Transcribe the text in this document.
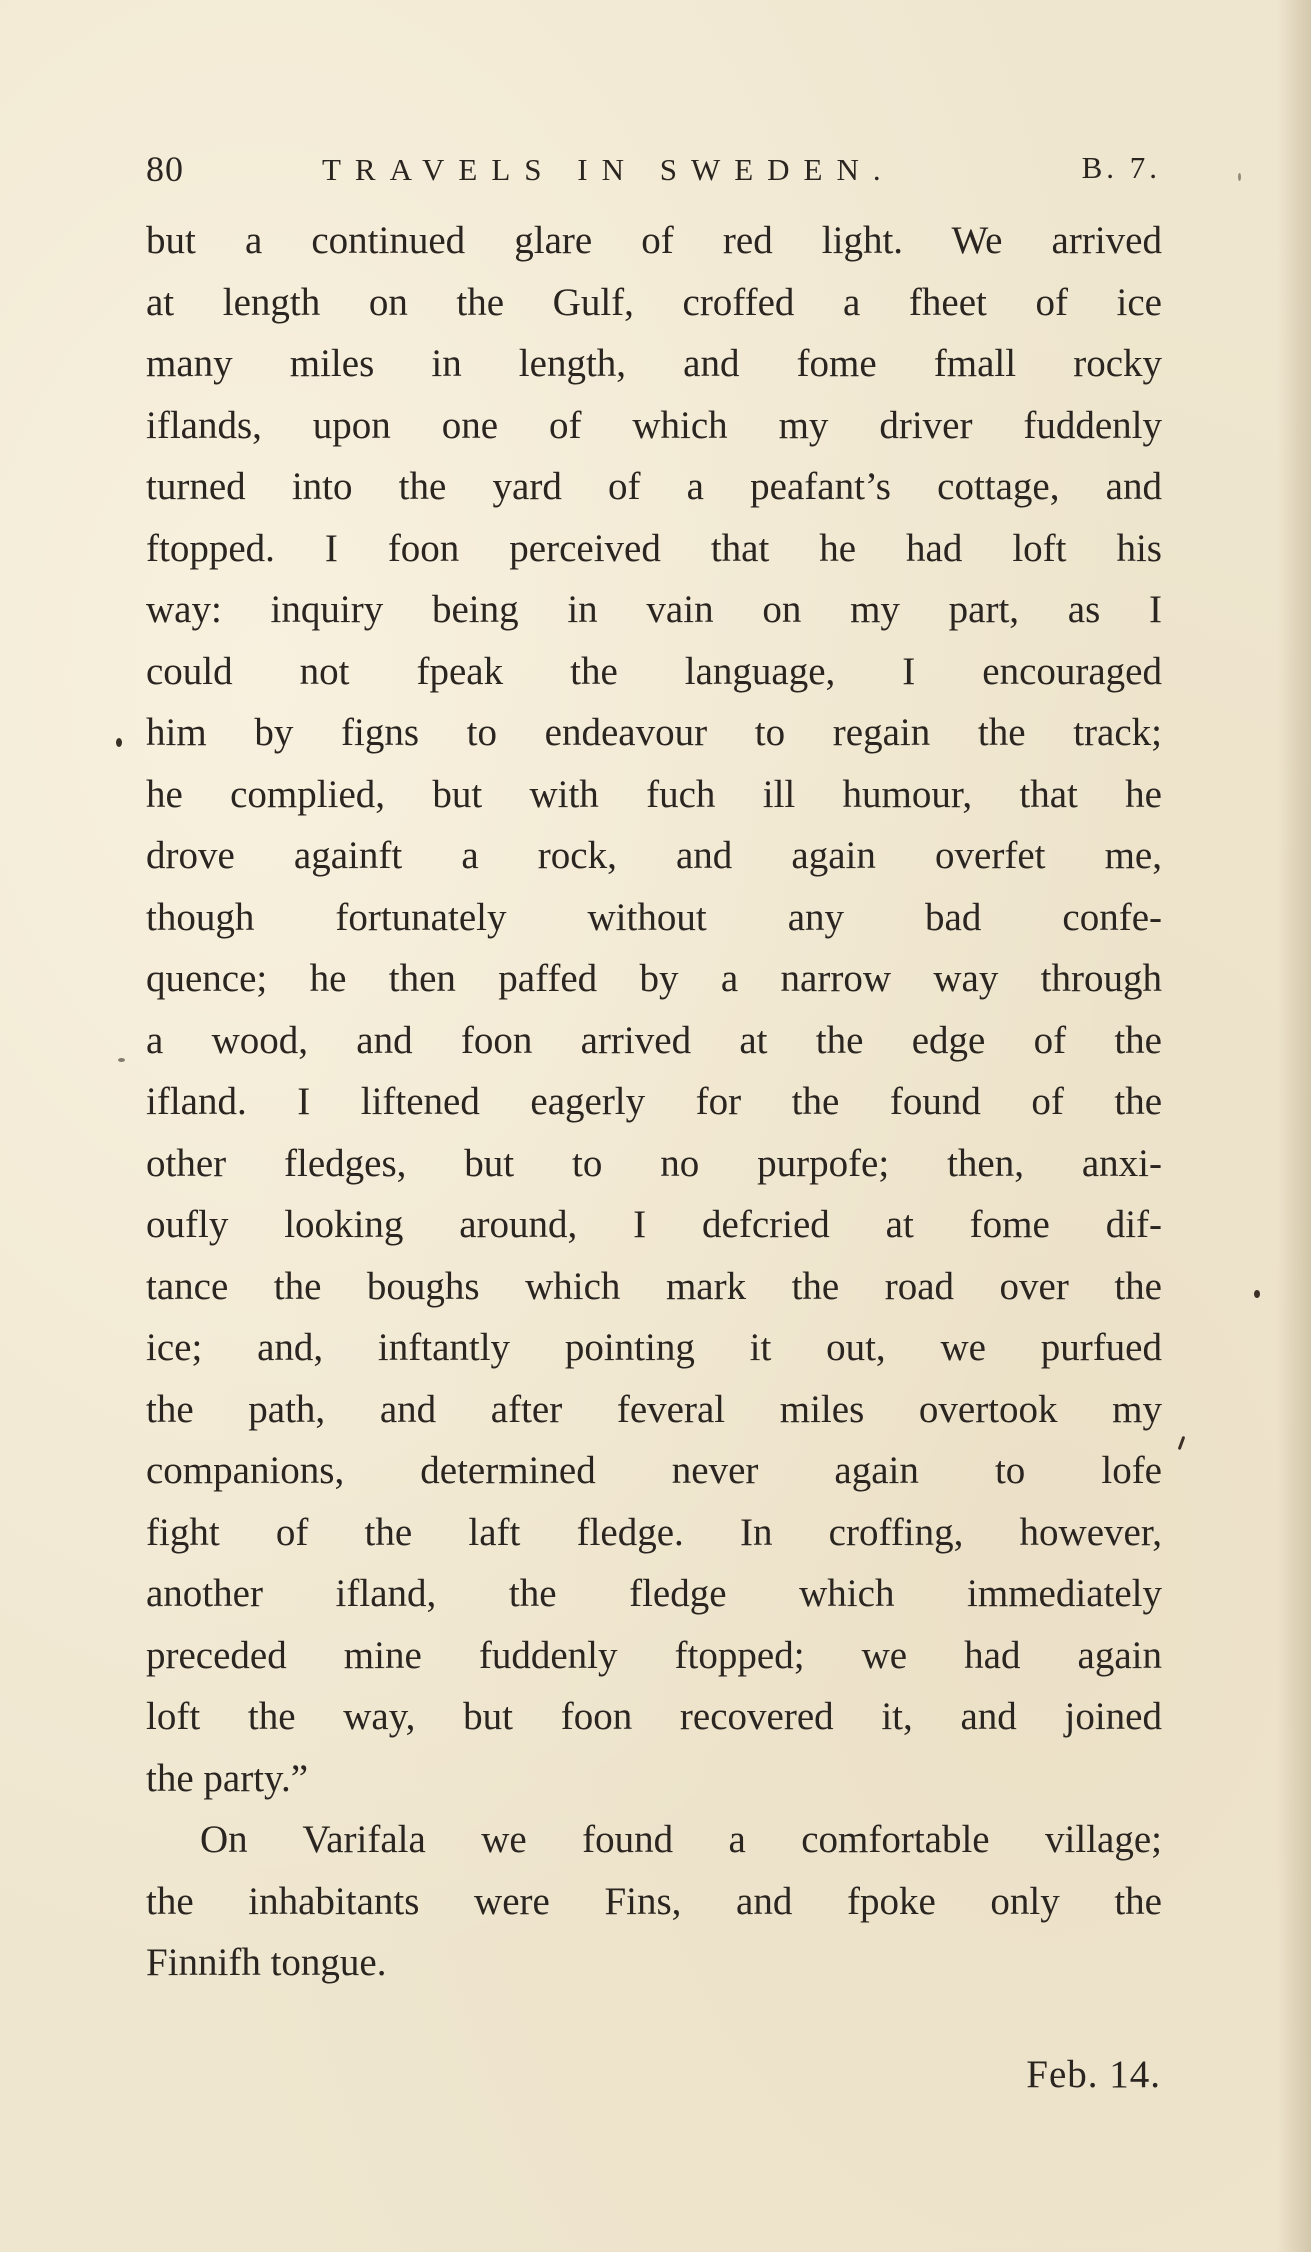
80	TRAVELS IN SWEDEN.	B. 7.
but a continued glare of red light. We arrived
at length on the Gulf, croffed a fheet of ice
many miles in length, and fome fmall rocky
iflands, upon one of which my driver fuddenly
turned into the yard of a peafant’s cottage, and
ftopped. I foon perceived that he had loft his
way: inquiry being in vain on my part, as I
could not fpeak the language, I encouraged
him by figns to endeavour to regain the track;
he complied, but with fuch ill humour, that he
drove againft a rock, and again overfet me,
though fortunately without any bad confe-
quence; he then paffed by a narrow way through
a wood, and foon arrived at the edge of the
ifland. I liftened eagerly for the found of the
other fledges, but to no purpofe; then, anxi-
oufly looking around, I defcried at fome dif-
tance the boughs which mark the road over the
ice; and, inftantly pointing it out, we purfued
the path, and after feveral miles overtook my
companions, determined never again to lofe
fight of the laft fledge. In croffing, however,
another ifland, the fledge which immediately
preceded mine fuddenly ftopped; we had again
loft the way, but foon recovered it, and joined
the party.”
On Varifala we found a comfortable village;
the inhabitants were Fins, and fpoke only the
Finnifh tongue.
Feb. 14.
